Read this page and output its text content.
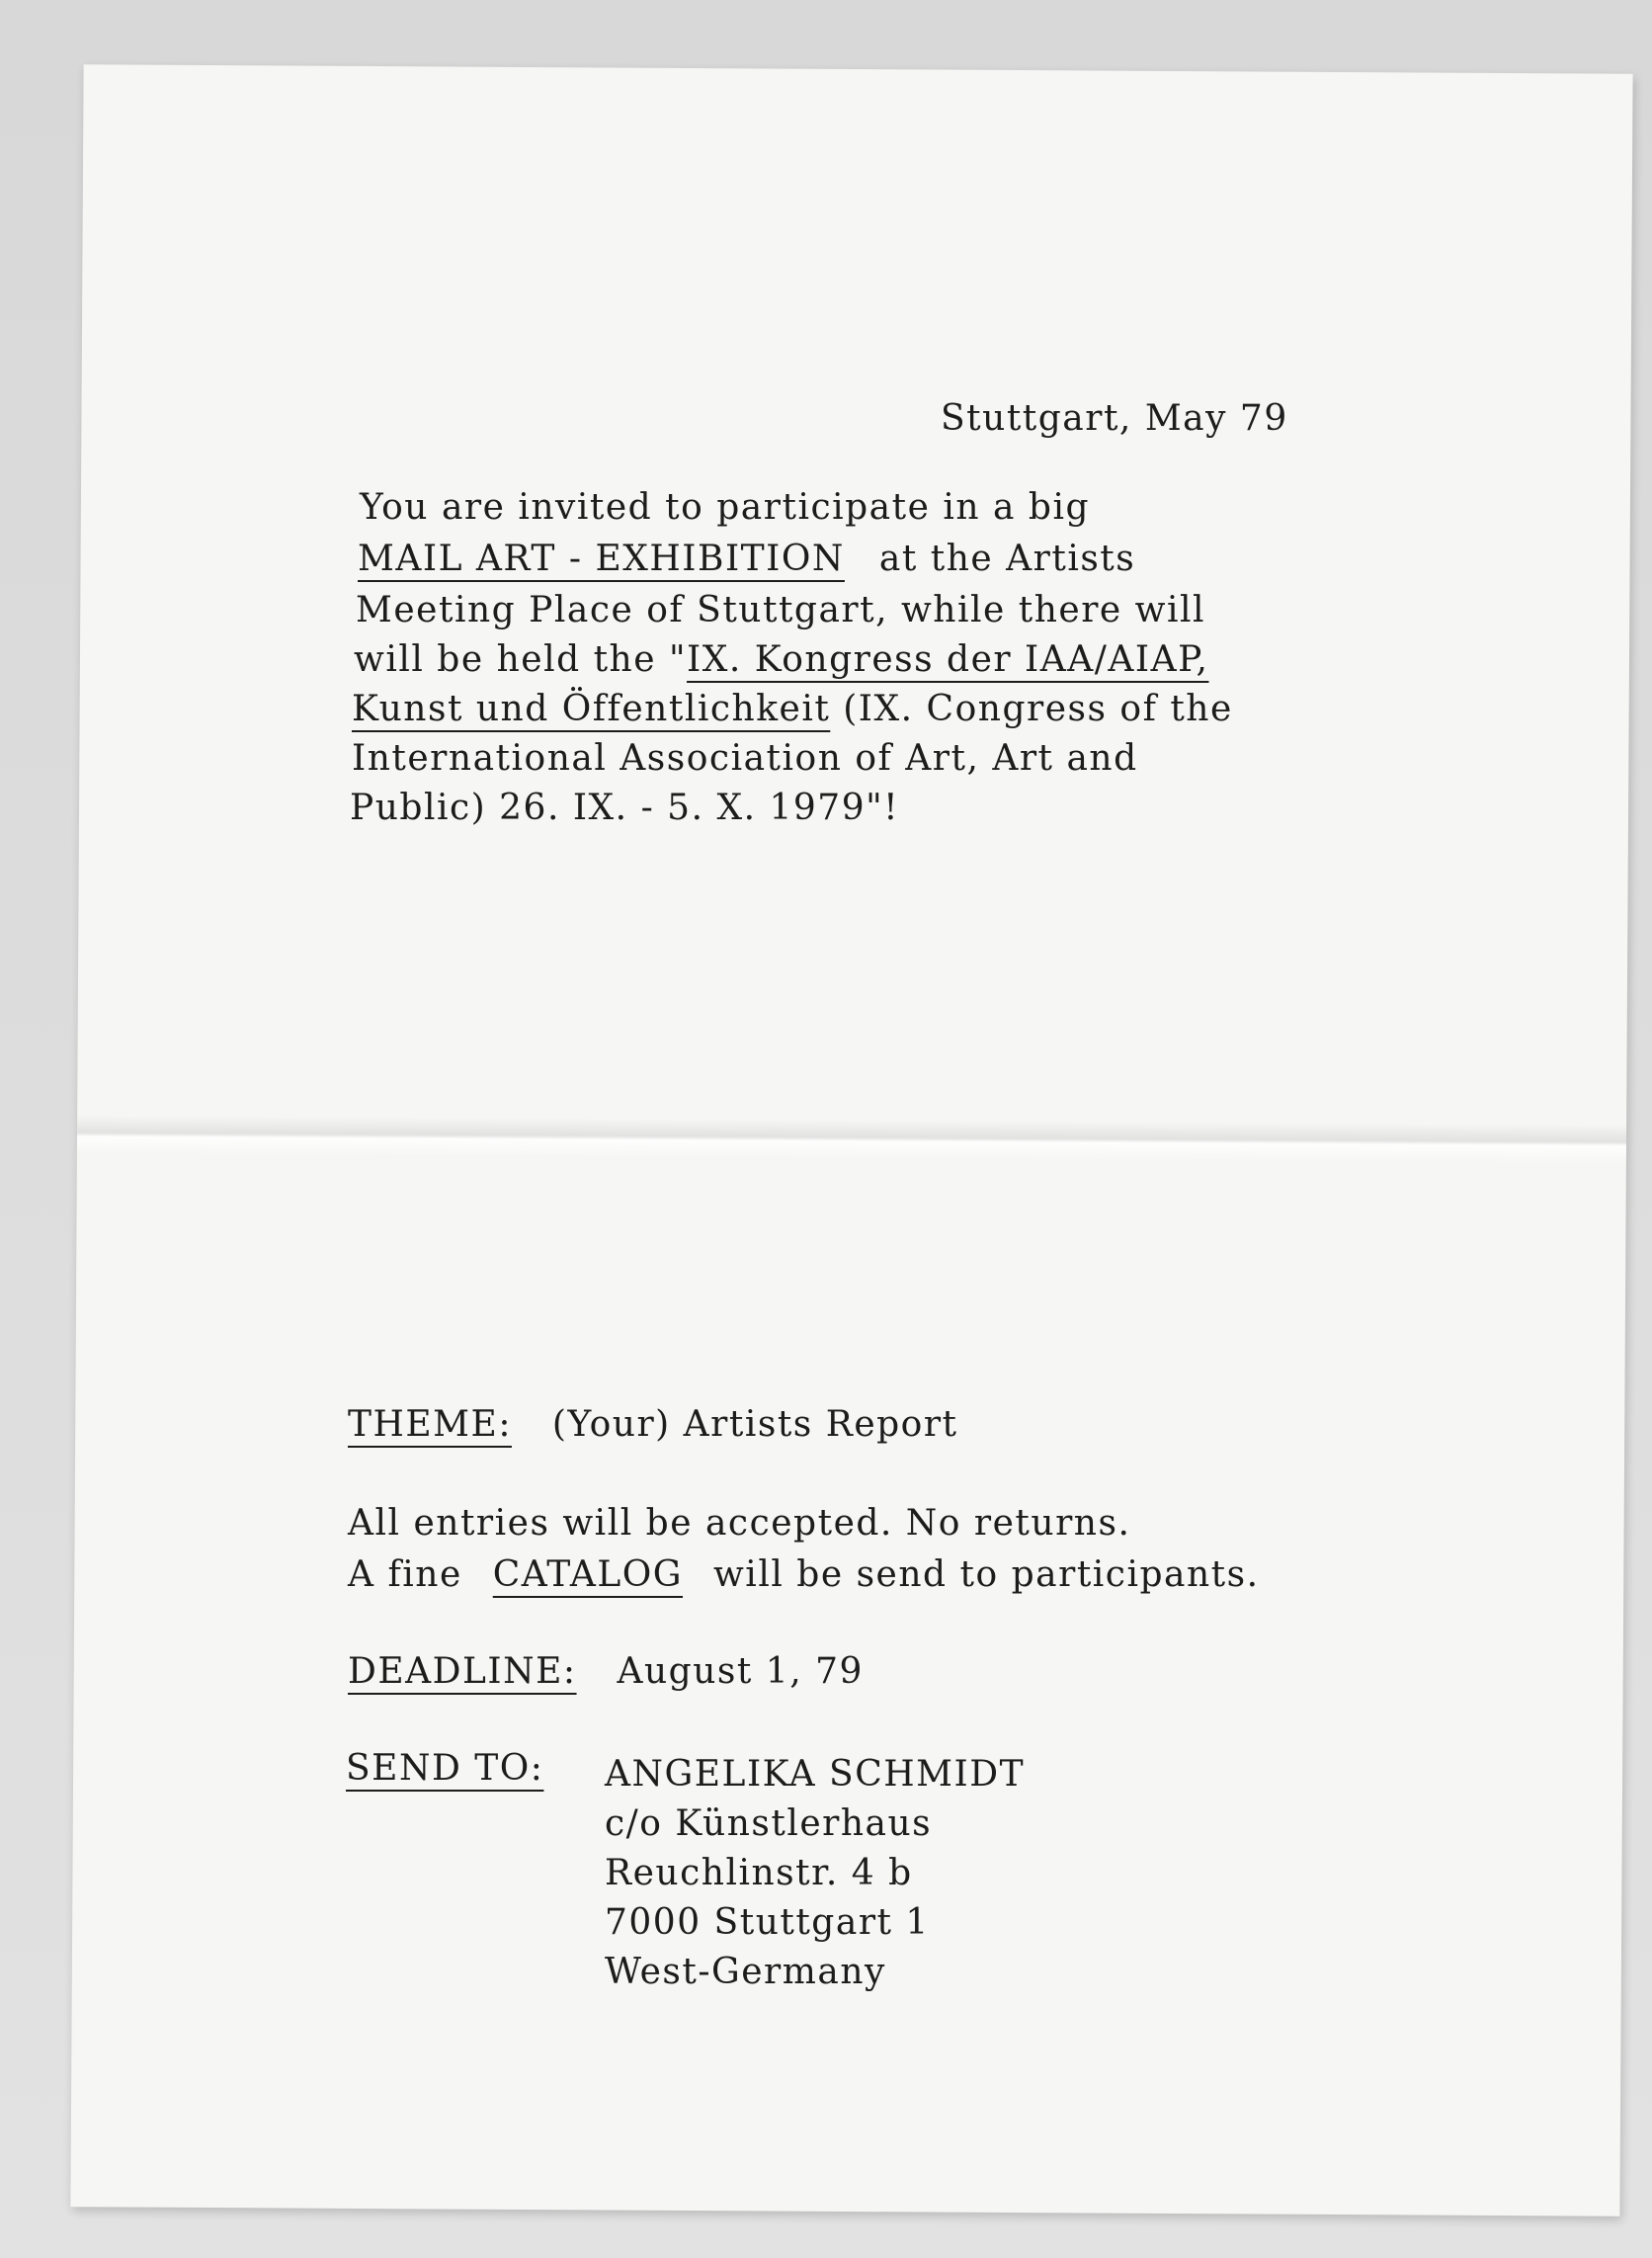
Stuttgart, May 79
You are invited to participate in a big
MAIL ART - EXHIBITION at the Artists
Meeting Place of Stuttgart, while there will
will be held the "IX. Kongress der IAA/AIAP,
Kunst und Öffentlichkeit (IX. Congress of the
International Association of Art, Art and
Public) 26. IX. - 5. X. 1979"!
THEME: (Your) Artists Report
All entries will be accepted. No returns.
A fine CATALOG will be send to participants.
DEADLINE: August 1, 79
SEND TO: ANGELIKA SCHMIDT
c/o Künstlerhaus
Reuchlinstr. 4 b
7000 Stuttgart 1
West-Germany
